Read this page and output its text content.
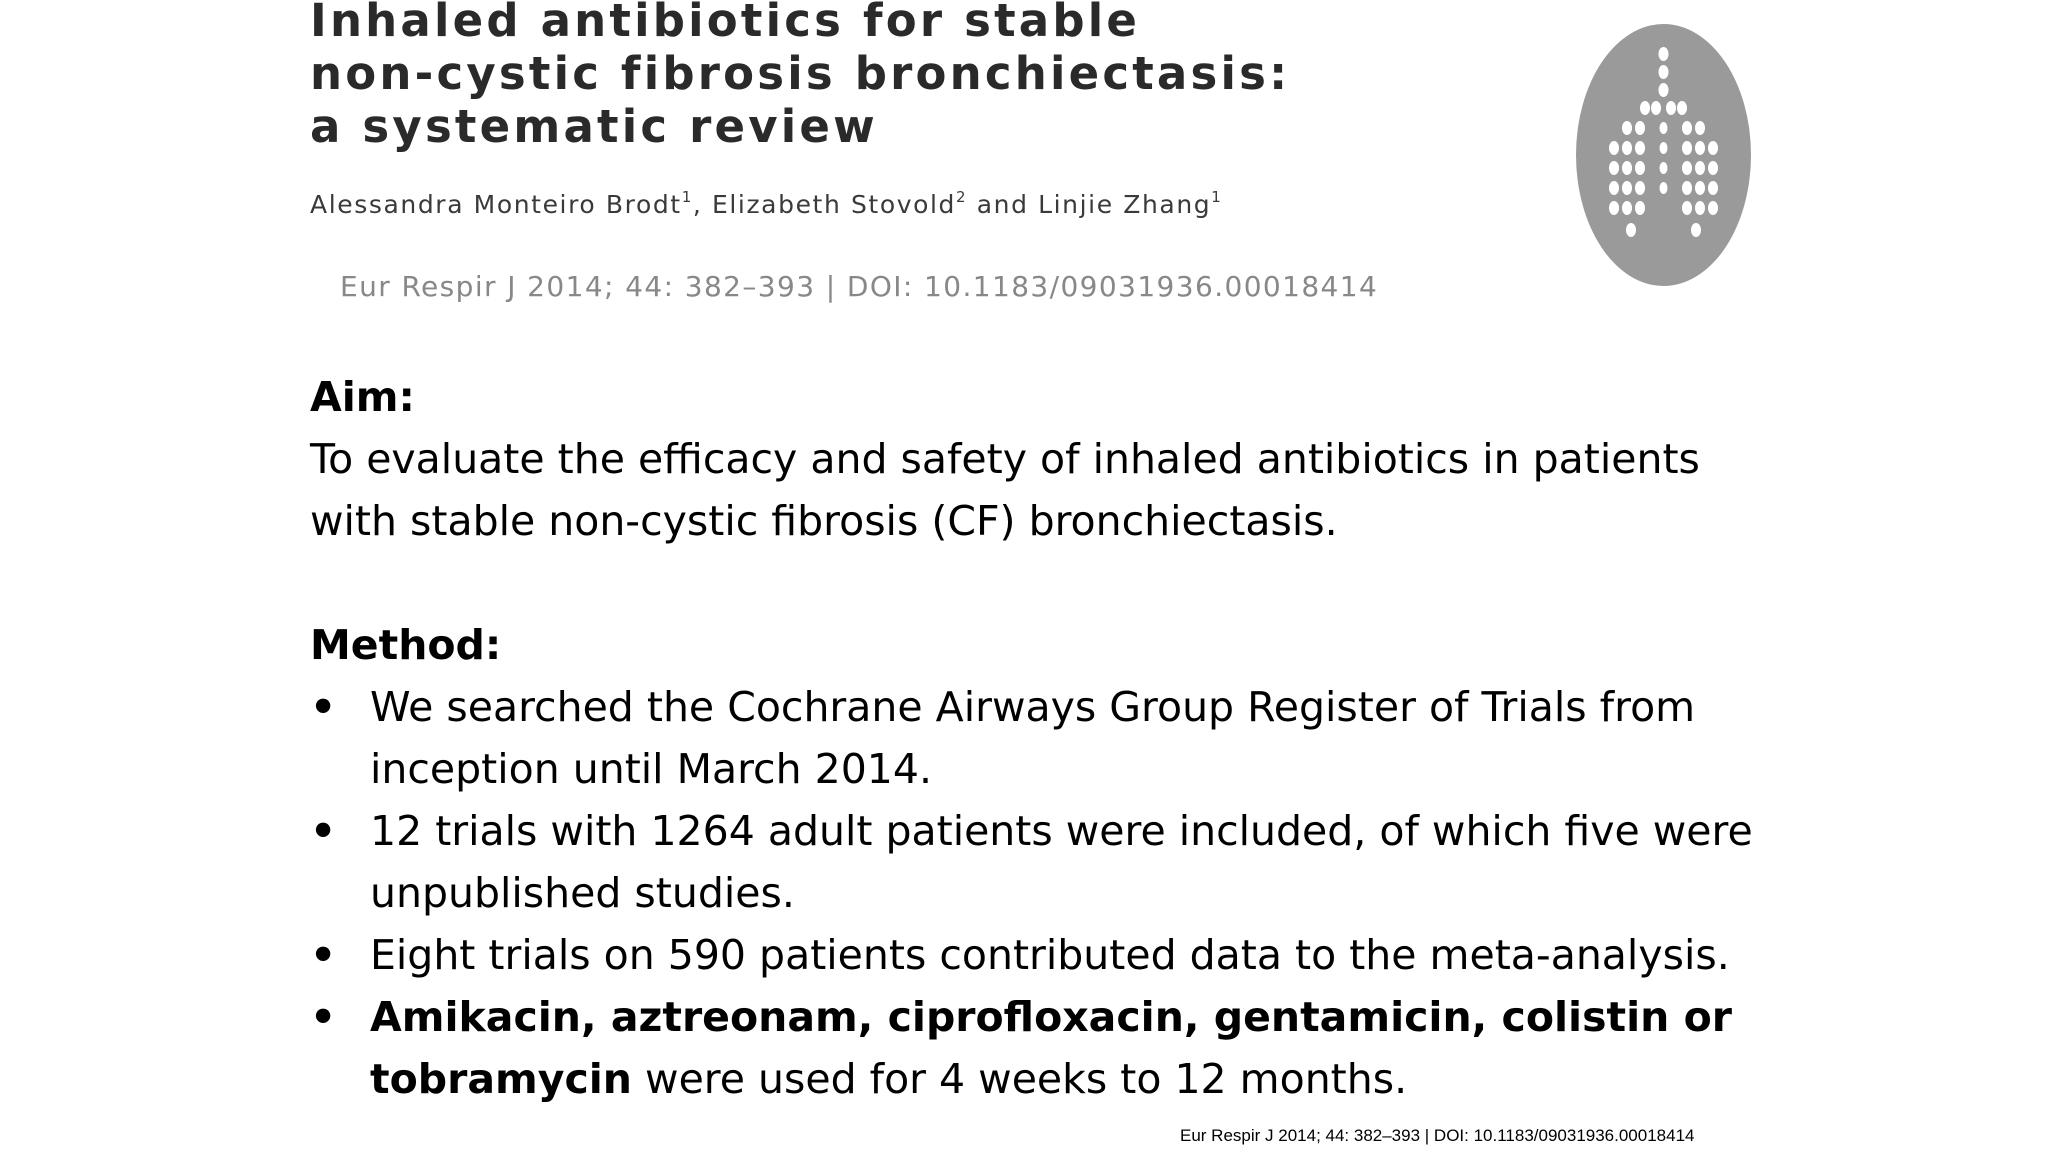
Inhaled antibiotics for stable
non-cystic fibrosis bronchiectasis:
a systematic review

Alessandra Monteiro Brodt$^1$, Elizabeth Stovold$^2$ and Linjie Zhang$^1$

Eur Respir J 2014; 44: 382–393 | DOI: 10.1183/09031936.00018414

Aim:

To evaluate the efficacy and safety of inhaled antibiotics in patients with stable non-cystic fibrosis (CF) bronchiectasis.

Method:

• We searched the Cochrane Airways Group Register of Trials from inception until March 2014.
• 12 trials with 1264 adult patients were included, of which five were unpublished studies.
• Eight trials on 590 patients contributed data to the meta-analysis.
• Amikacin, aztreonam, ciprofloxacin, gentamicin, colistin or tobramycin were used for 4 weeks to 12 months.

Eur Respir J 2014; 44: 382–393 | DOI: 10.1183/09031936.00018414
